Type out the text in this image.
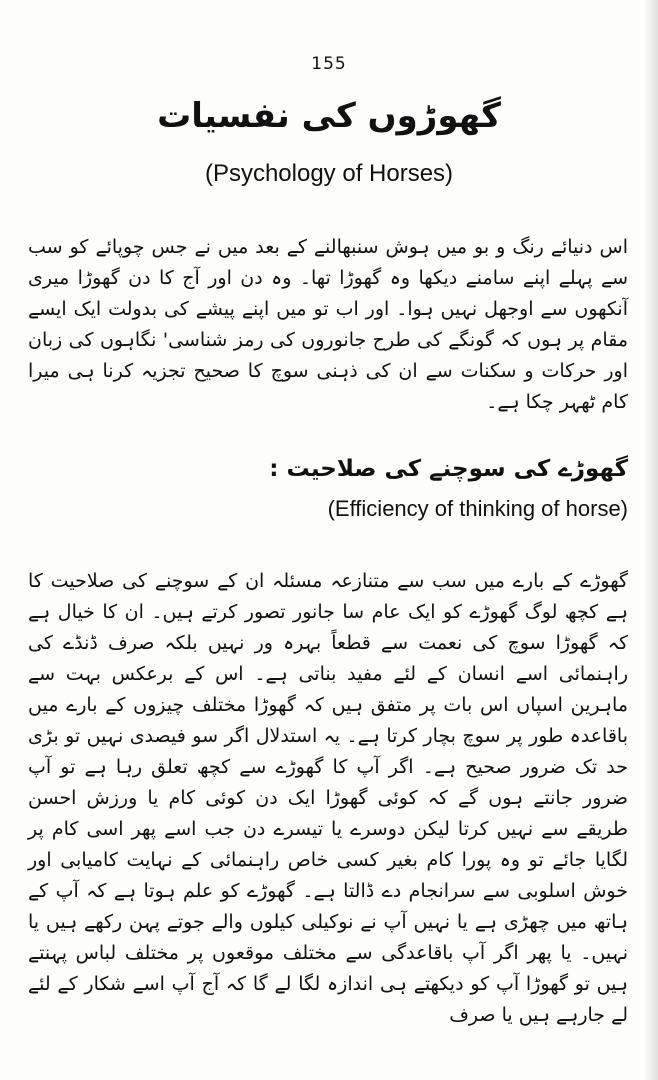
155
گھوڑوں کی نفسیات
(Psychology of Horses)

اس دنیائے رنگ و بو میں ہوش سنبھالنے کے بعد میں نے جس چوپائے کو سب سے پہلے اپنے سامنے دیکھا وہ گھوڑا تھا۔ وہ دن اور آج کا دن گھوڑا میری آنکھوں سے اوجھل نہیں ہوا۔ اور اب تو میں اپنے پیشے کی بدولت ایک ایسے مقام پر ہوں کہ گونگے کی طرح جانوروں کی رمز شناسی' نگاہوں کی زبان اور حرکات و سکنات سے ان کی ذہنی سوچ کا صحیح تجزیہ کرنا ہی میرا کام ٹھہر چکا ہے۔

گھوڑے کی سوچنے کی صلاحیت :
(Efficiency of thinking of horse)

گھوڑے کے بارے میں سب سے متنازعہ مسئلہ ان کے سوچنے کی صلاحیت کا ہے کچھ لوگ گھوڑے کو ایک عام سا جانور تصور کرتے ہیں۔ ان کا خیال ہے کہ گھوڑا سوچ کی نعمت سے قطعاً بہرہ ور نہیں بلکہ صرف ڈنڈے کی راہنمائی اسے انسان کے لئے مفید بناتی ہے۔ اس کے برعکس بہت سے ماہرین اسپاں اس بات پر متفق ہیں کہ گھوڑا مختلف چیزوں کے بارے میں باقاعدہ طور پر سوچ بچار کرتا ہے۔ یہ استدلال اگر سو فیصدی نہیں تو بڑی حد تک ضرور صحیح ہے۔ اگر آپ کا گھوڑے سے کچھ تعلق رہا ہے تو آپ ضرور جانتے ہوں گے کہ کوئی گھوڑا ایک دن کوئی کام یا ورزش احسن طریقے سے نہیں کرتا لیکن دوسرے یا تیسرے دن جب اسے پھر اسی کام پر لگایا جائے تو وہ پورا کام بغیر کسی خاص راہنمائی کے نہایت کامیابی اور خوش اسلوبی سے سرانجام دے ڈالتا ہے۔ گھوڑے کو علم ہوتا ہے کہ آپ کے ہاتھ میں چھڑی ہے یا نہیں آپ نے نوکیلی کیلوں والے جوتے پہن رکھے ہیں یا نہیں۔ یا پھر اگر آپ باقاعدگی سے مختلف موقعوں پر مختلف لباس پہنتے ہیں تو گھوڑا آپ کو دیکھتے ہی اندازہ لگا لے گا کہ آج آپ اسے شکار کے لئے لے جارہے ہیں یا صرف
